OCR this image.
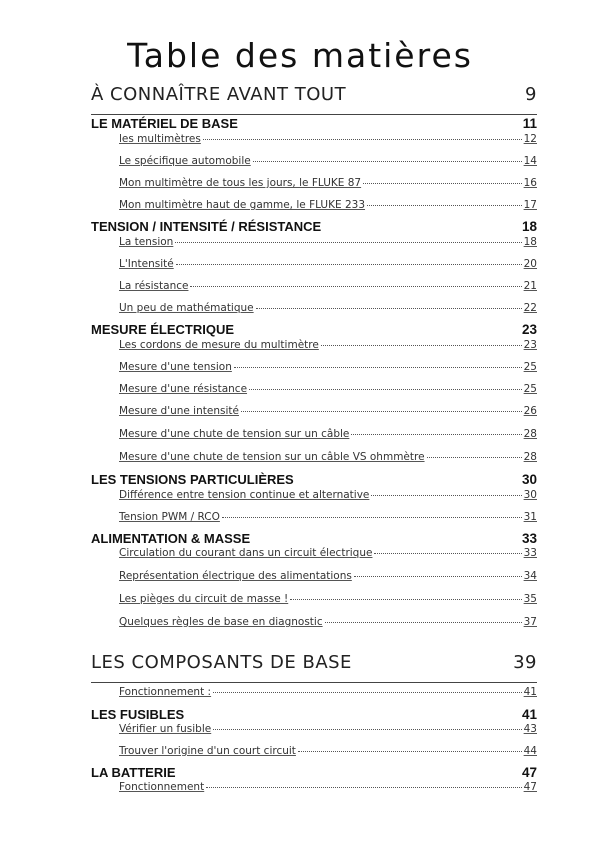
Table des matières
À CONNAÎTRE AVANT TOUT	9
LE MATÉRIEL DE BASE	11
les multimètres	12
Le spécifique automobile	14
Mon multimètre de tous les jours, le FLUKE 87	16
Mon multimètre haut de gamme, le FLUKE 233	17
TENSION / INTENSITÉ / RÉSISTANCE	18
La tension	18
L'Intensité	20
La résistance	21
Un peu de mathématique	22
MESURE ÉLECTRIQUE	23
Les cordons de mesure du multimètre	23
Mesure d'une tension	25
Mesure d'une résistance	25
Mesure d'une intensité	26
Mesure d'une chute de tension sur un câble	28
Mesure d'une chute de tension sur un câble VS ohmmètre	28
LES TENSIONS PARTICULIÈRES	30
Différence entre tension continue et alternative	30
Tension PWM / RCO	31
ALIMENTATION & MASSE	33
Circulation du courant dans un circuit électrique	33
Représentation électrique des alimentations	34
Les pièges du circuit de masse !	35
Quelques règles de base en diagnostic	37
LES COMPOSANTS DE BASE	39
Fonctionnement :	41
LES FUSIBLES	41
Vérifier un fusible	43
Trouver l'origine d'un court circuit	44
LA BATTERIE	47
Fonctionnement	47
